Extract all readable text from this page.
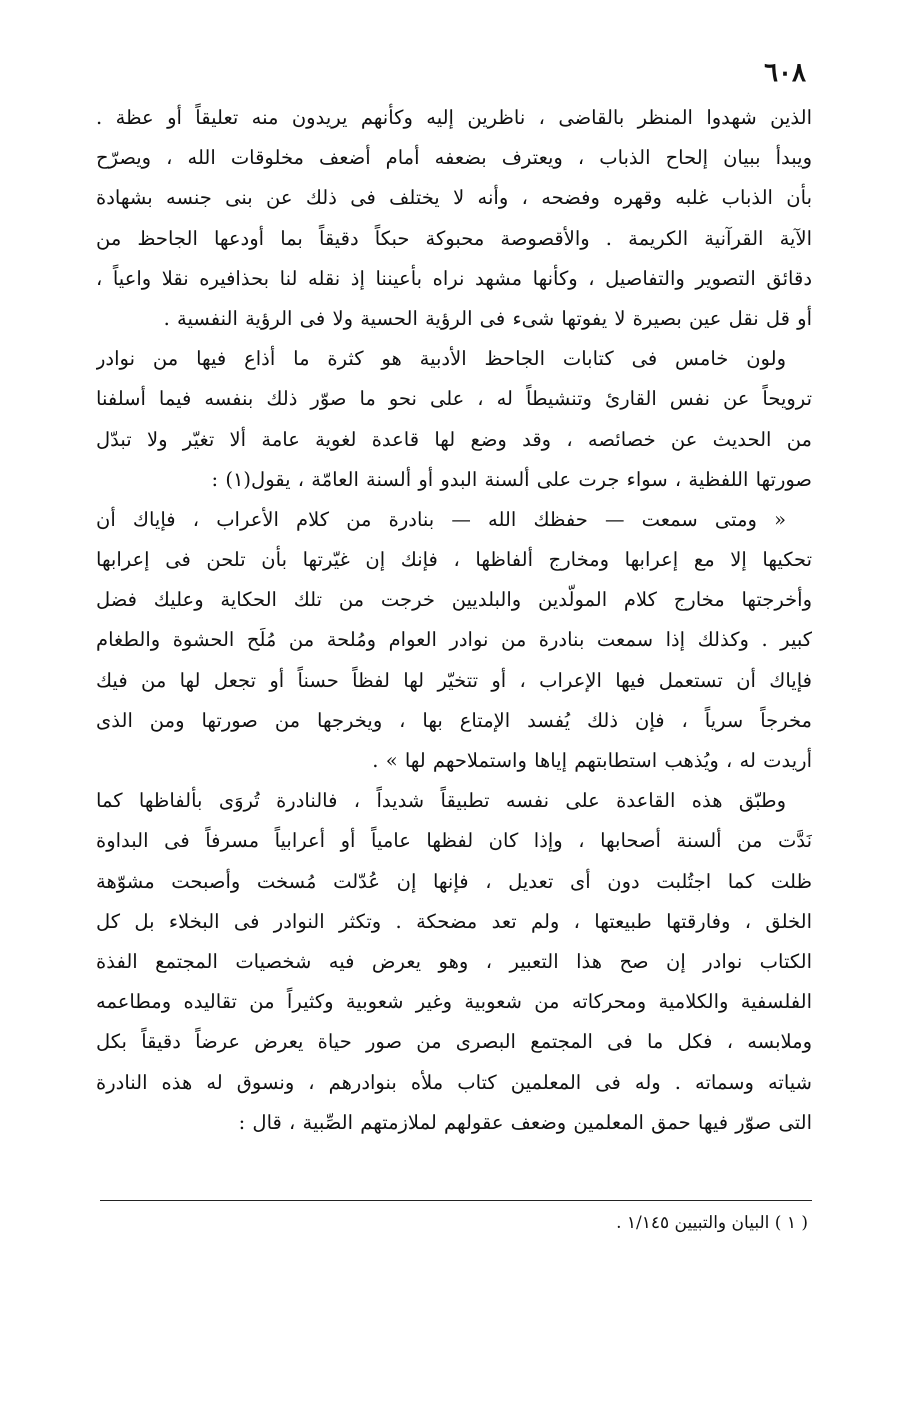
٦٠٨
الذين شهدوا المنظر بالقاضى ، ناظرين إليه وكأنهم يريدون منه تعليقاً أو عظة .
ويبدأ ببيان إلحاح الذباب ، ويعترف بضعفه أمام أضعف مخلوقات الله ، ويصرّح
بأن الذباب غلبه وقهره وفضحه ، وأنه لا يختلف فى ذلك عن بنى جنسه بشهادة
الآية القرآنية الكريمة . والأقصوصة محبوكة حبكاً دقيقاً بما أودعها الجاحظ من
دقائق التصوير والتفاصيل ، وكأنها مشهد نراه بأعيننا إذ نقله لنا بحذافيره نقلا واعياً ،
أو قل نقل عين بصيرة لا يفوتها شىء فى الرؤية الحسية ولا فى الرؤية النفسية .
ولون خامس فى كتابات الجاحظ الأدبية هو كثرة ما أذاع فيها من نوادر
ترويحاً عن نفس القارئ وتنشيطاً له ، على نحو ما صوّر ذلك بنفسه فيما أسلفنا
من الحديث عن خصائصه ، وقد وضع لها قاعدة لغوية عامة ألا تغيّر ولا تبدّل
صورتها اللفظية ، سواء جرت على ألسنة البدو أو ألسنة العامّة ، يقول(١) :
« ومتى سمعت — حفظك الله — بنادرة من كلام الأعراب ، فإياك أن
تحكيها إلا مع إعرابها ومخارج ألفاظها ، فإنك إن غيّرتها بأن تلحن فى إعرابها
وأخرجتها مخارج كلام المولّدين والبلديين خرجت من تلك الحكاية وعليك فضل
كبير . وكذلك إذا سمعت بنادرة من نوادر العوام ومُلحة من مُلَح الحشوة والطغام
فإياك أن تستعمل فيها الإعراب ، أو تتخيّر لها لفظاً حسناً أو تجعل لها من فيك
مخرجاً سرياً ، فإن ذلك يُفسد الإمتاع بها ، ويخرجها من صورتها ومن الذى
أريدت له ، ويُذهب استطابتهم إياها واستملاحهم لها » .
وطبّق هذه القاعدة على نفسه تطبيقاً شديداً ، فالنادرة تُروَى بألفاظها كما
نَدَّت من ألسنة أصحابها ، وإذا كان لفظها عامياً أو أعرابياً مسرفاً فى البداوة
ظلت كما اجتُلبت دون أى تعديل ، فإنها إن عُدّلت مُسخت وأصبحت مشوّهة
الخلق ، وفارقتها طبيعتها ، ولم تعد مضحكة . وتكثر النوادر فى البخلاء بل كل
الكتاب نوادر إن صح هذا التعبير ، وهو يعرض فيه شخصيات المجتمع الفذة
الفلسفية والكلامية ومحركاته من شعوبية وغير شعوبية وكثيراً من تقاليده ومطاعمه
وملابسه ، فكل ما فى المجتمع البصرى من صور حياة يعرض عرضاً دقيقاً بكل
شياته وسماته . وله فى المعلمين كتاب ملأه بنوادرهم ، ونسوق له هذه النادرة
التى صوّر فيها حمق المعلمين وضعف عقولهم لملازمتهم الصِّبية ، قال :
( ١ ) البيان والتبيين ١/١٤٥ .
